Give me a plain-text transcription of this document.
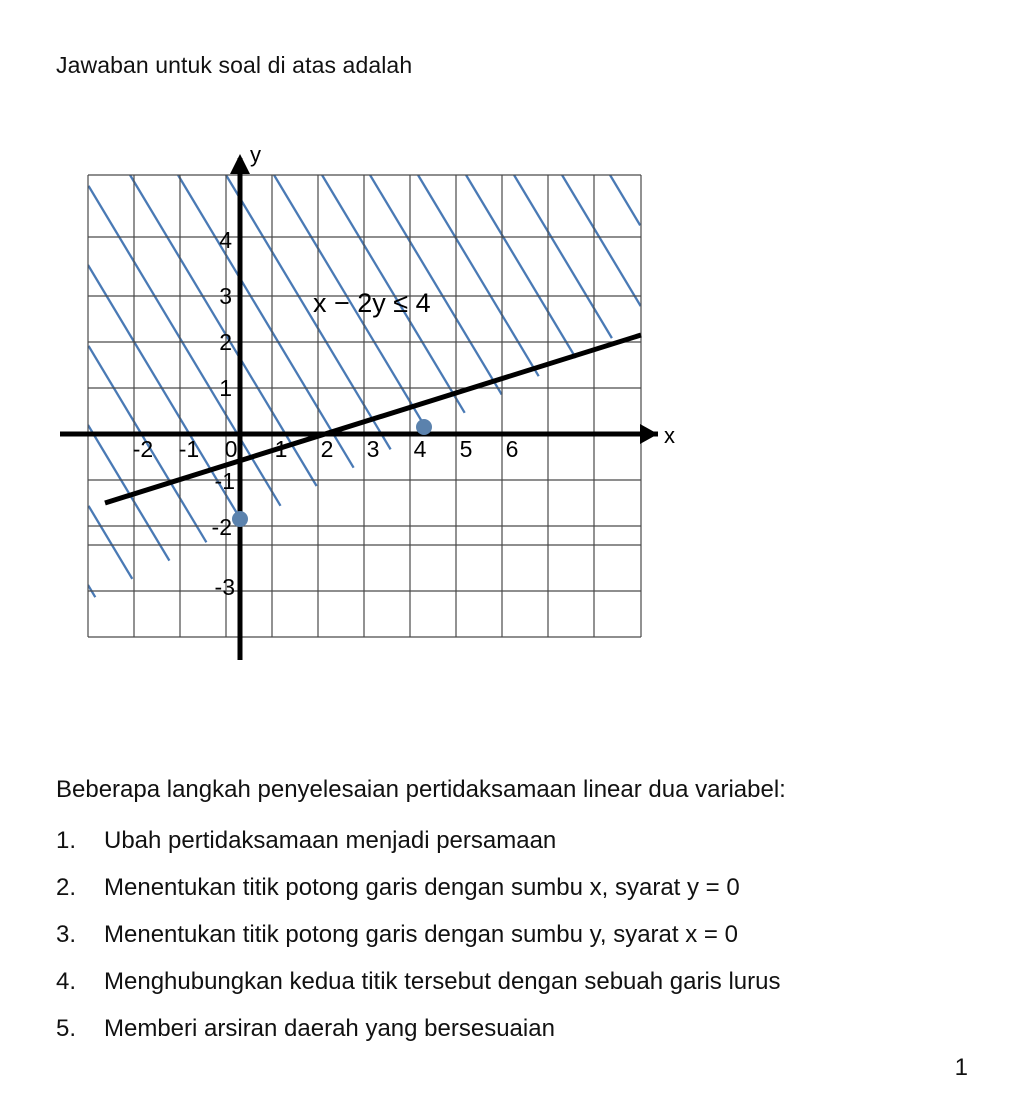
Jawaban untuk soal di atas adalah
x
y
-2 -1 0 1 2 3 4 5 6
4
3
2
1
-1
-2
-3
x − 2y ≤ 4
Beberapa langkah penyelesaian pertidaksamaan linear dua variabel:
1.	Ubah pertidaksamaan menjadi persamaan
2.	Menentukan titik potong garis dengan sumbu x, syarat y = 0
3.	Menentukan titik potong garis dengan sumbu y, syarat x = 0
4.	Menghubungkan kedua titik tersebut dengan sebuah garis lurus
5.	Memberi arsiran daerah yang bersesuaian
1
